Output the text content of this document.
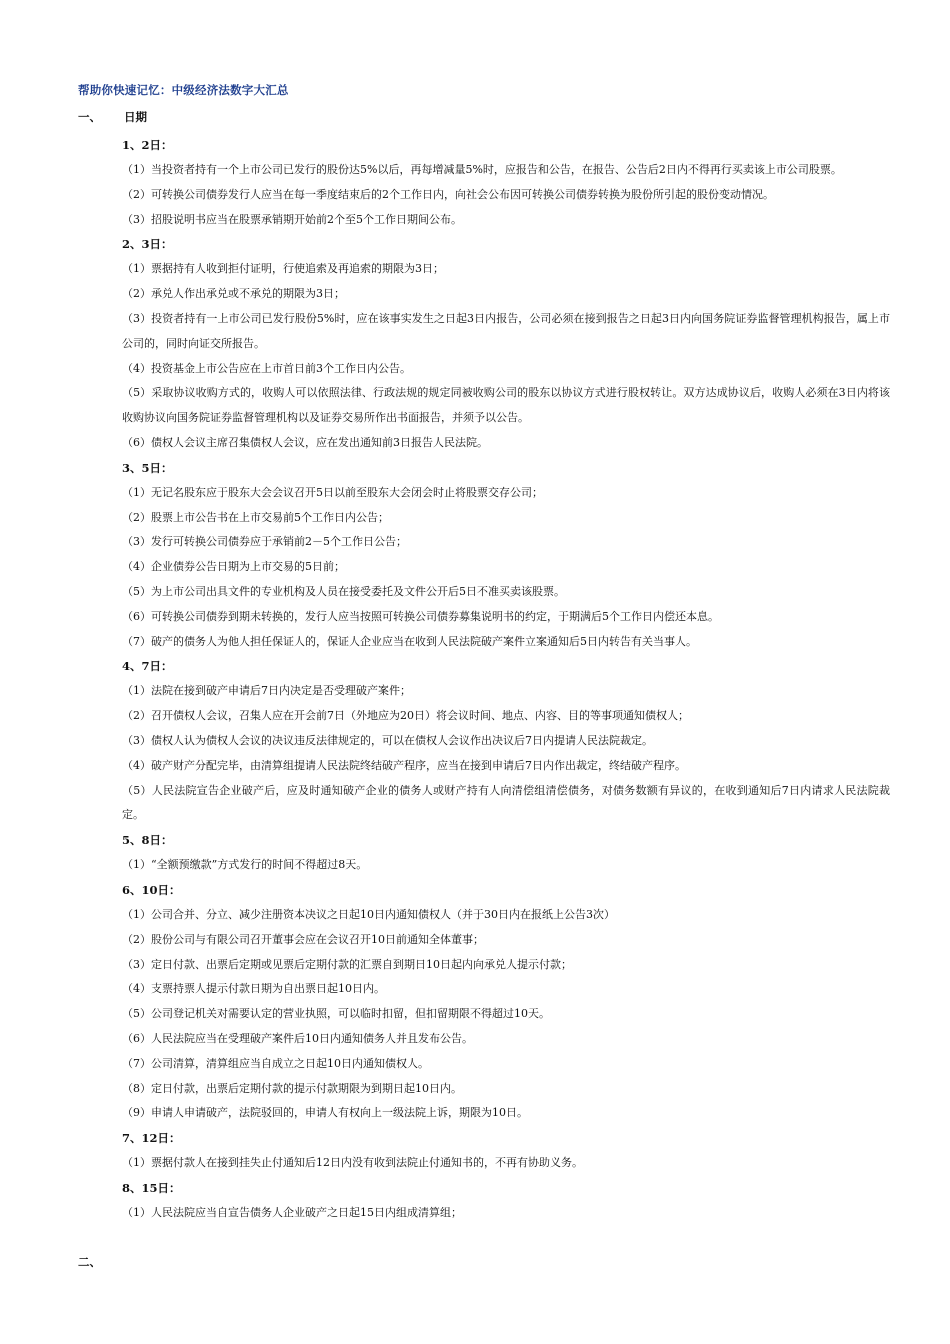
帮助你快速记忆：中级经济法数字大汇总
一、 日期
1、2日：
（1）当投资者持有一个上市公司已发行的股份达5%以后，再每增减量5%时，应报告和公告，在报告、公告后2日内不得再行买卖该上市公司股票。
（2）可转换公司债券发行人应当在每一季度结束后的2个工作日内，向社会公布因可转换公司债券转换为股份所引起的股份变动情况。
（3）招股说明书应当在股票承销期开始前2个至5个工作日期间公布。
2、3日：
（1）票据持有人收到拒付证明，行使追索及再追索的期限为3日；
（2）承兑人作出承兑或不承兑的期限为3日；
（3）投资者持有一上市公司已发行股份5%时，应在该事实发生之日起3日内报告，公司必须在接到报告之日起3日内向国务院证券监督管理机构报告，属上市公司的，同时向证交所报告。
（4）投资基金上市公告应在上市首日前3个工作日内公告。
（5）采取协议收购方式的，收购人可以依照法律、行政法规的规定同被收购公司的股东以协议方式进行股权转让。双方达成协议后，收购人必须在3日内将该收购协议向国务院证券监督管理机构以及证券交易所作出书面报告，并须予以公告。
（6）债权人会议主席召集债权人会议，应在发出通知前3日报告人民法院。
3、5日：
（1）无记名股东应于股东大会会议召开5日以前至股东大会闭会时止将股票交存公司；
（2）股票上市公告书在上市交易前5个工作日内公告；
（3）发行可转换公司债券应于承销前2－5个工作日公告；
（4）企业债券公告日期为上市交易的5日前；
（5）为上市公司出具文件的专业机构及人员在接受委托及文件公开后5日不准买卖该股票。
（6）可转换公司债券到期未转换的，发行人应当按照可转换公司债券募集说明书的约定，于期满后5个工作日内偿还本息。
（7）破产的债务人为他人担任保证人的，保证人企业应当在收到人民法院破产案件立案通知后5日内转告有关当事人。
4、7日：
（1）法院在接到破产申请后7日内决定是否受理破产案件；
（2）召开债权人会议，召集人应在开会前7日（外地应为20日）将会议时间、地点、内容、目的等事项通知债权人；
（3）债权人认为债权人会议的决议违反法律规定的，可以在债权人会议作出决议后7日内提请人民法院裁定。
（4）破产财产分配完毕，由清算组提请人民法院终结破产程序，应当在接到申请后7日内作出裁定，终结破产程序。
（5）人民法院宣告企业破产后，应及时通知破产企业的债务人或财产持有人向清偿组清偿债务，对债务数额有异议的，在收到通知后7日内请求人民法院裁定。
5、8日：
（1）“全额预缴款”方式发行的时间不得超过8天。
6、10日：
（1）公司合并、分立、减少注册资本决议之日起10日内通知债权人（并于30日内在报纸上公告3次）
（2）股份公司与有限公司召开董事会应在会议召开10日前通知全体董事；
（3）定日付款、出票后定期或见票后定期付款的汇票自到期日10日起内向承兑人提示付款；
（4）支票持票人提示付款日期为自出票日起10日内。
（5）公司登记机关对需要认定的营业执照，可以临时扣留，但扣留期限不得超过10天。
（6）人民法院应当在受理破产案件后10日内通知债务人并且发布公告。
（7）公司清算，清算组应当自成立之日起10日内通知债权人。
（8）定日付款，出票后定期付款的提示付款期限为到期日起10日内。
（9）申请人申请破产，法院驳回的，申请人有权向上一级法院上诉，期限为10日。
7、12日：
（1）票据付款人在接到挂失止付通知后12日内没有收到法院止付通知书的，不再有协助义务。
8、15日：
（1）人民法院应当自宣告债务人企业破产之日起15日内组成清算组；
二、
